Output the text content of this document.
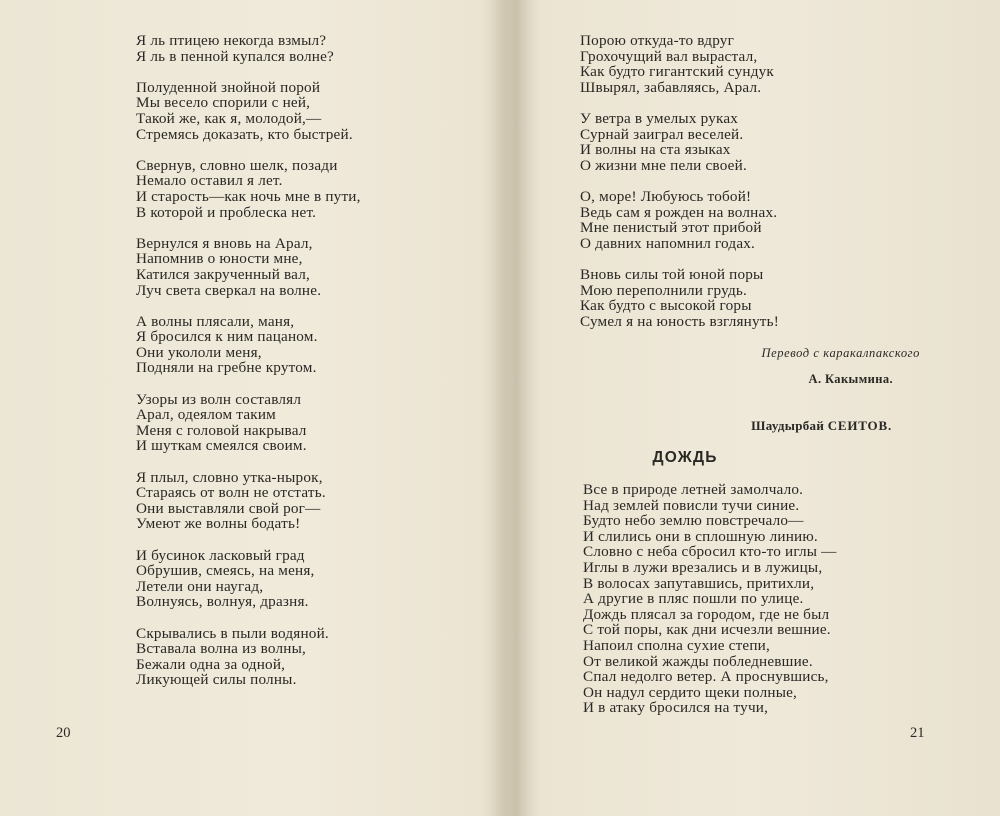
Я ль птицею некогда взмыл?
Я ль в пенной купался волне?
Полуденной знойной порой
Мы весело спорили с ней,
Такой же, как я, молодой,—
Стремясь доказать, кто быстрей.
Свернув, словно шелк, позади
Немало оставил я лет.
И старость—как ночь мне в пути,
В которой и проблеска нет.
Вернулся я вновь на Арал,
Напомнив о юности мне,
Катился закрученный вал,
Луч света сверкал на волне.
А волны плясали, маня,
Я бросился к ним пацаном.
Они укололи меня,
Подняли на гребне крутом.
Узоры из волн составлял
Арал, одеялом таким
Меня с головой накрывал
И шуткам смеялся своим.
Я плыл, словно утка-нырок,
Стараясь от волн не отстать.
Они выставляли свой рог—
Умеют же волны бодать!
И бусинок ласковый град
Обрушив, смеясь, на меня,
Летели они наугад,
Волнуясь, волнуя, дразня.
Скрывались в пыли водяной.
Вставала волна из волны,
Бежали одна за одной,
Ликующей силы полны.
20
Порою откуда-то вдруг
Грохочущий вал вырастал,
Как будто гигантский сундук
Швырял, забавляясь, Арал.
У ветра в умелых руках
Сурнай заиграл веселей.
И волны на ста языках
О жизни мне пели своей.
О, море! Любуюсь тобой!
Ведь сам я рожден на волнах.
Мне пенистый этот прибой
О давних напомнил годах.
Вновь силы той юной поры
Мою переполнили грудь.
Как будто с высокой горы
Сумел я на юность взглянуть!
Перевод с каракалпакского
А. Какымина.
Шаудырбай СЕИТОВ.
ДОЖДЬ
Все в природе летней замолчало.
Над землей повисли тучи синие.
Будто небо землю повстречало—
И слились они в сплошную линию.
Словно с неба сбросил кто-то иглы —
Иглы в лужи врезались и в лужицы,
В волосах запутавшись, притихли,
А другие в пляс пошли по улице.
Дождь плясал за городом, где не был
С той поры, как дни исчезли вешние.
Напоил сполна сухие степи,
От великой жажды побледневшие.
Спал недолго ветер. А проснувшись,
Он надул сердито щеки полные,
И в атаку бросился на тучи,
21
